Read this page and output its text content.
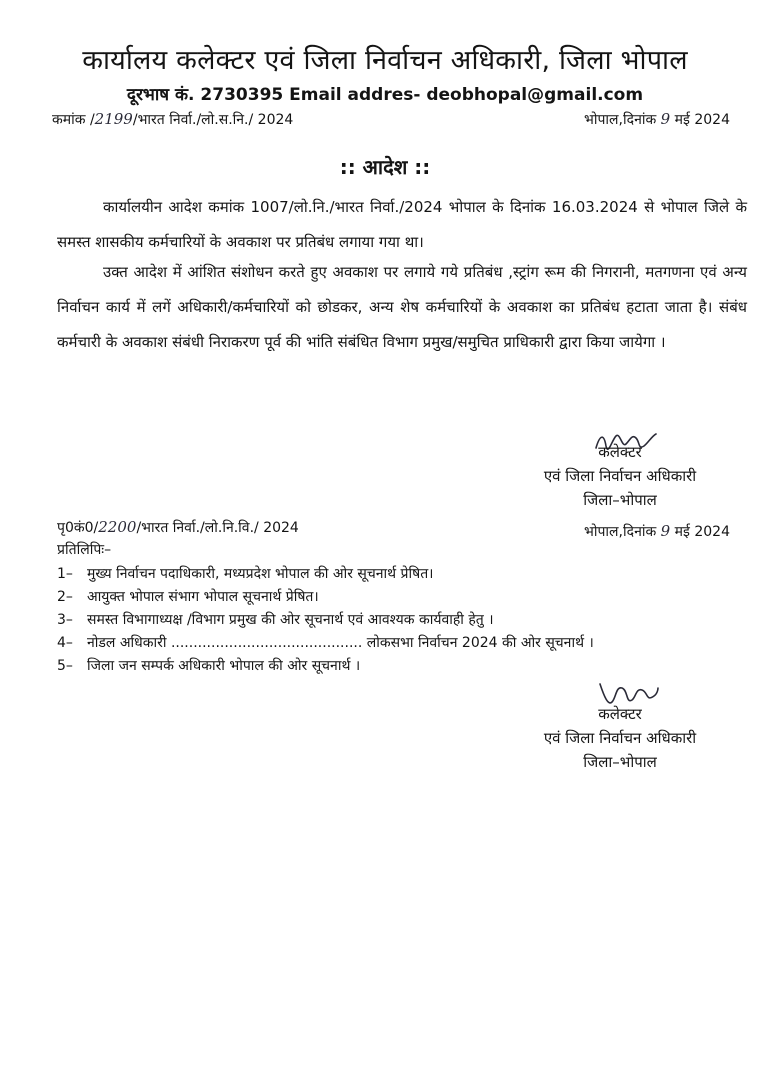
कार्यालय कलेक्टर एवं जिला निर्वाचन अधिकारी, जिला भोपाल
दूरभाष कं. 2730395 Email addres- deobhopal@gmail.com
कमांक /2199/भारत निर्वा./लो.स.नि./ 2024	भोपाल,दिनांक 9 मई 2024
:: आदेश ::

कार्यालयीन आदेश कमांक 1007/लो.नि./भारत निर्वा./2024 भोपाल के दिनांक 16.03.2024 से भोपाल जिले के समस्त शासकीय कर्मचारियों के अवकाश पर प्रतिबंध लगाया गया था।

उक्त आदेश में आंशित संशोधन करते हुए अवकाश पर लगाये गये प्रतिबंध ,स्ट्रांग रूम की निगरानी, मतगणना एवं अन्य निर्वाचन कार्य में लगें अधिकारी/कर्मचारियों को छोडकर, अन्य शेष कर्मचारियों के अवकाश का प्रतिबंध हटाता जाता है। संबंध कर्मचारी के अवकाश संबंधी निराकरण पूर्व की भांति संबंधित विभाग प्रमुख/समुचित प्राधिकारी द्वारा किया जायेगा ।

कलेक्टर
एवं जिला निर्वाचन अधिकारी
जिला–भोपाल
पृ0कं0/2200/भारत निर्वा./लो.नि.वि./ 2024	भोपाल,दिनांक 9 मई 2024
प्रतिलिपिः–
1– मुख्य निर्वाचन पदाधिकारी, मध्यप्रदेश भोपाल की ओर सूचनार्थ प्रेषित।
2– आयुक्त भोपाल संभाग भोपाल सूचनार्थ प्रेषित।
3– समस्त विभागाध्यक्ष /विभाग प्रमुख की ओर सूचनार्थ एवं आवश्यक कार्यवाही हेतु ।
4– नोडल अधिकारी ........................................... लोकसभा निर्वाचन 2024 की ओर सूचनार्थ ।
5– जिला जन सम्पर्क अधिकारी भोपाल की ओर सूचनार्थ ।
कलेक्टर
एवं जिला निर्वाचन अधिकारी
जिला–भोपाल
